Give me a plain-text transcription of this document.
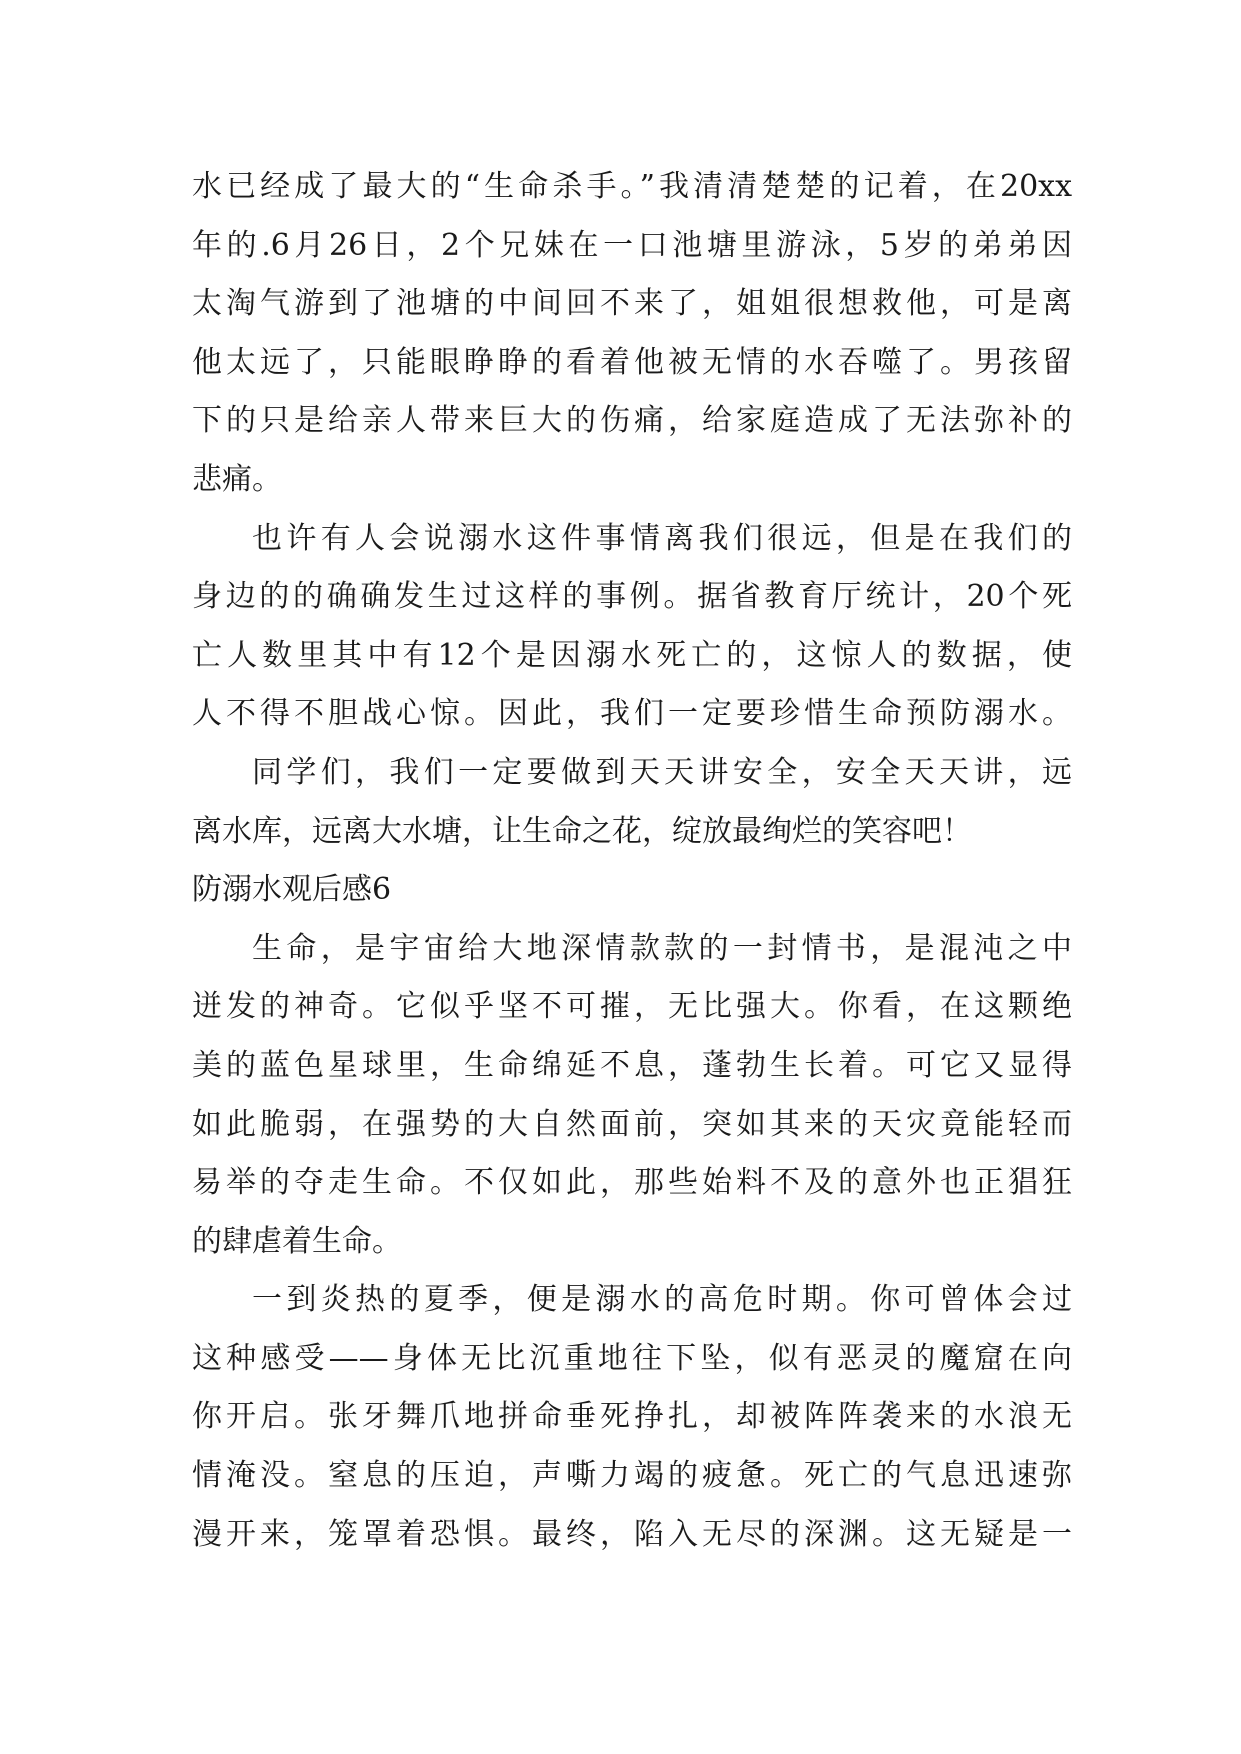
水已经成了最大的“生命杀手。”我清清楚楚的记着，在20xx
年的.6月26日，2个兄妹在一口池塘里游泳，5岁的弟弟因
太淘气游到了池塘的中间回不来了，姐姐很想救他，可是离
他太远了，只能眼睁睁的看着他被无情的水吞噬了。男孩留
下的只是给亲人带来巨大的伤痛，给家庭造成了无法弥补的
悲痛。

也许有人会说溺水这件事情离我们很远，但是在我们的
身边的的确确发生过这样的事例。据省教育厅统计，20个死
亡人数里其中有12个是因溺水死亡的，这惊人的数据，使
人不得不胆战心惊。因此，我们一定要珍惜生命预防溺水。

同学们，我们一定要做到天天讲安全，安全天天讲，远
离水库，远离大水塘，让生命之花，绽放最绚烂的笑容吧！

防溺水观后感6

生命，是宇宙给大地深情款款的一封情书，是混沌之中
迸发的神奇。它似乎坚不可摧，无比强大。你看，在这颗绝
美的蓝色星球里，生命绵延不息，蓬勃生长着。可它又显得
如此脆弱，在强势的大自然面前，突如其来的天灾竟能轻而
易举的夺走生命。不仅如此，那些始料不及的意外也正猖狂
的肆虐着生命。

一到炎热的夏季，便是溺水的高危时期。你可曾体会过
这种感受——身体无比沉重地往下坠，似有恶灵的魔窟在向
你开启。张牙舞爪地拼命垂死挣扎，却被阵阵袭来的水浪无
情淹没。窒息的压迫，声嘶力竭的疲惫。死亡的气息迅速弥
漫开来，笼罩着恐惧。最终，陷入无尽的深渊。这无疑是一
